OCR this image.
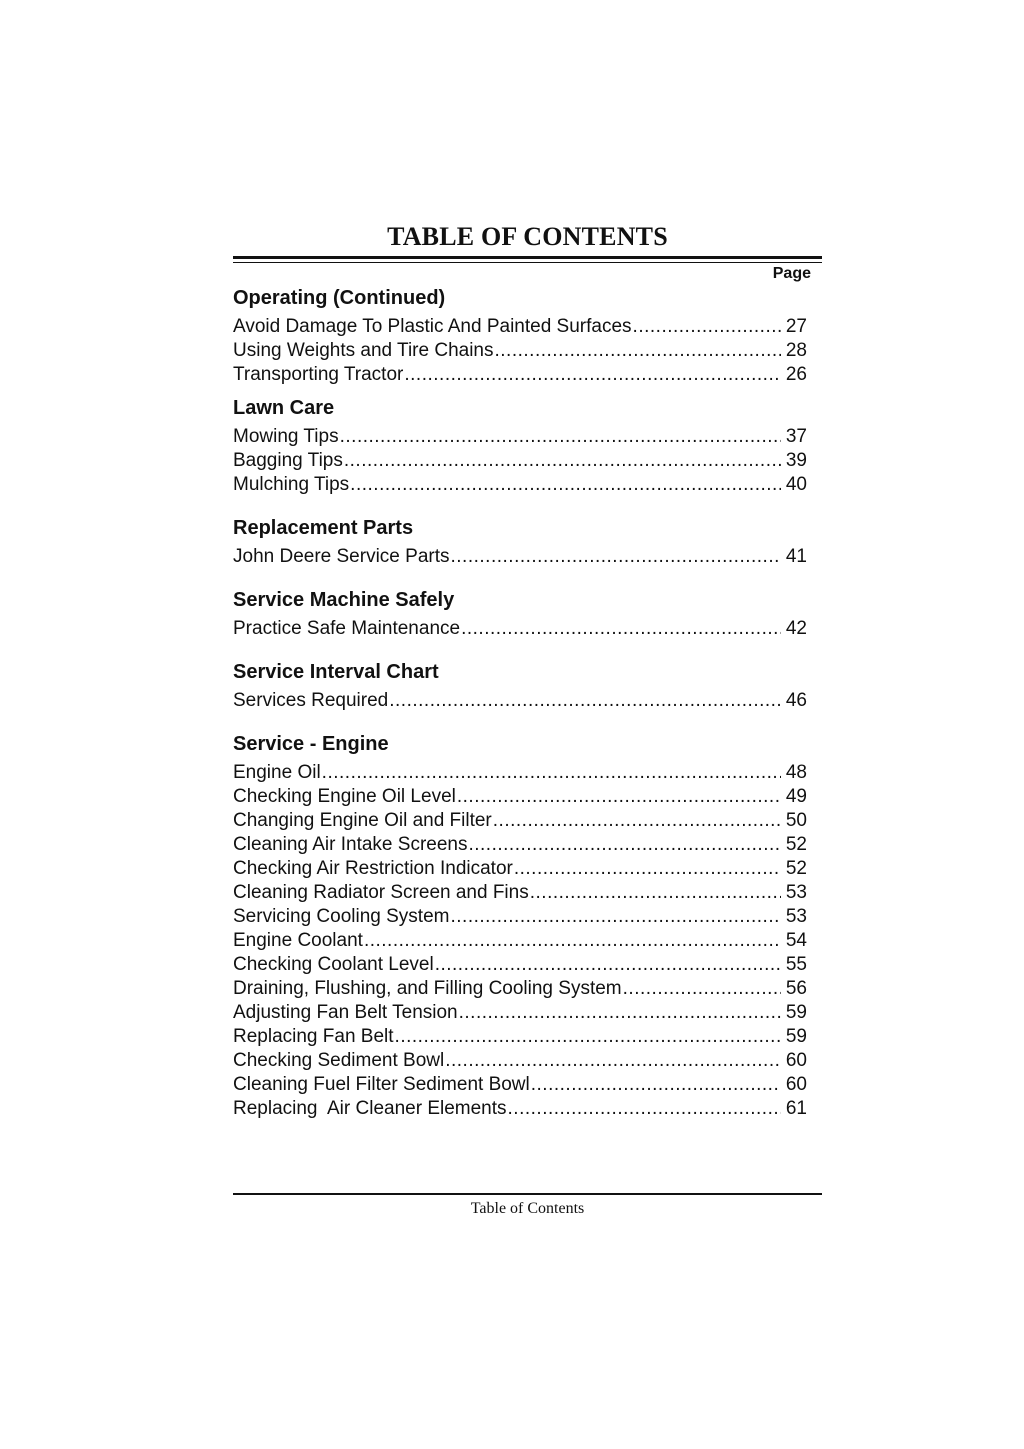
TABLE OF CONTENTS
Page
Operating (Continued)
Avoid Damage To Plastic And Painted Surfaces .....	27
Using Weights and Tire Chains .....	28
Transporting Tractor .....	26
Lawn Care
Mowing Tips .....	37
Bagging Tips .....	39
Mulching Tips .....	40
Replacement Parts
John Deere Service Parts .....	41
Service Machine Safely
Practice Safe Maintenance .....	42
Service Interval Chart
Services Required .....	46
Service - Engine
Engine Oil .....	48
Checking Engine Oil Level .....	49
Changing Engine Oil and Filter .....	50
Cleaning Air Intake Screens .....	52
Checking Air Restriction Indicator .....	52
Cleaning Radiator Screen and Fins .....	53
Servicing Cooling System .....	53
Engine Coolant .....	54
Checking Coolant Level .....	55
Draining, Flushing, and Filling Cooling System .....	56
Adjusting Fan Belt Tension .....	59
Replacing Fan Belt .....	59
Checking Sediment Bowl .....	60
Cleaning Fuel Filter Sediment Bowl .....	60
Replacing  Air Cleaner Elements .....	61
Table of Contents
